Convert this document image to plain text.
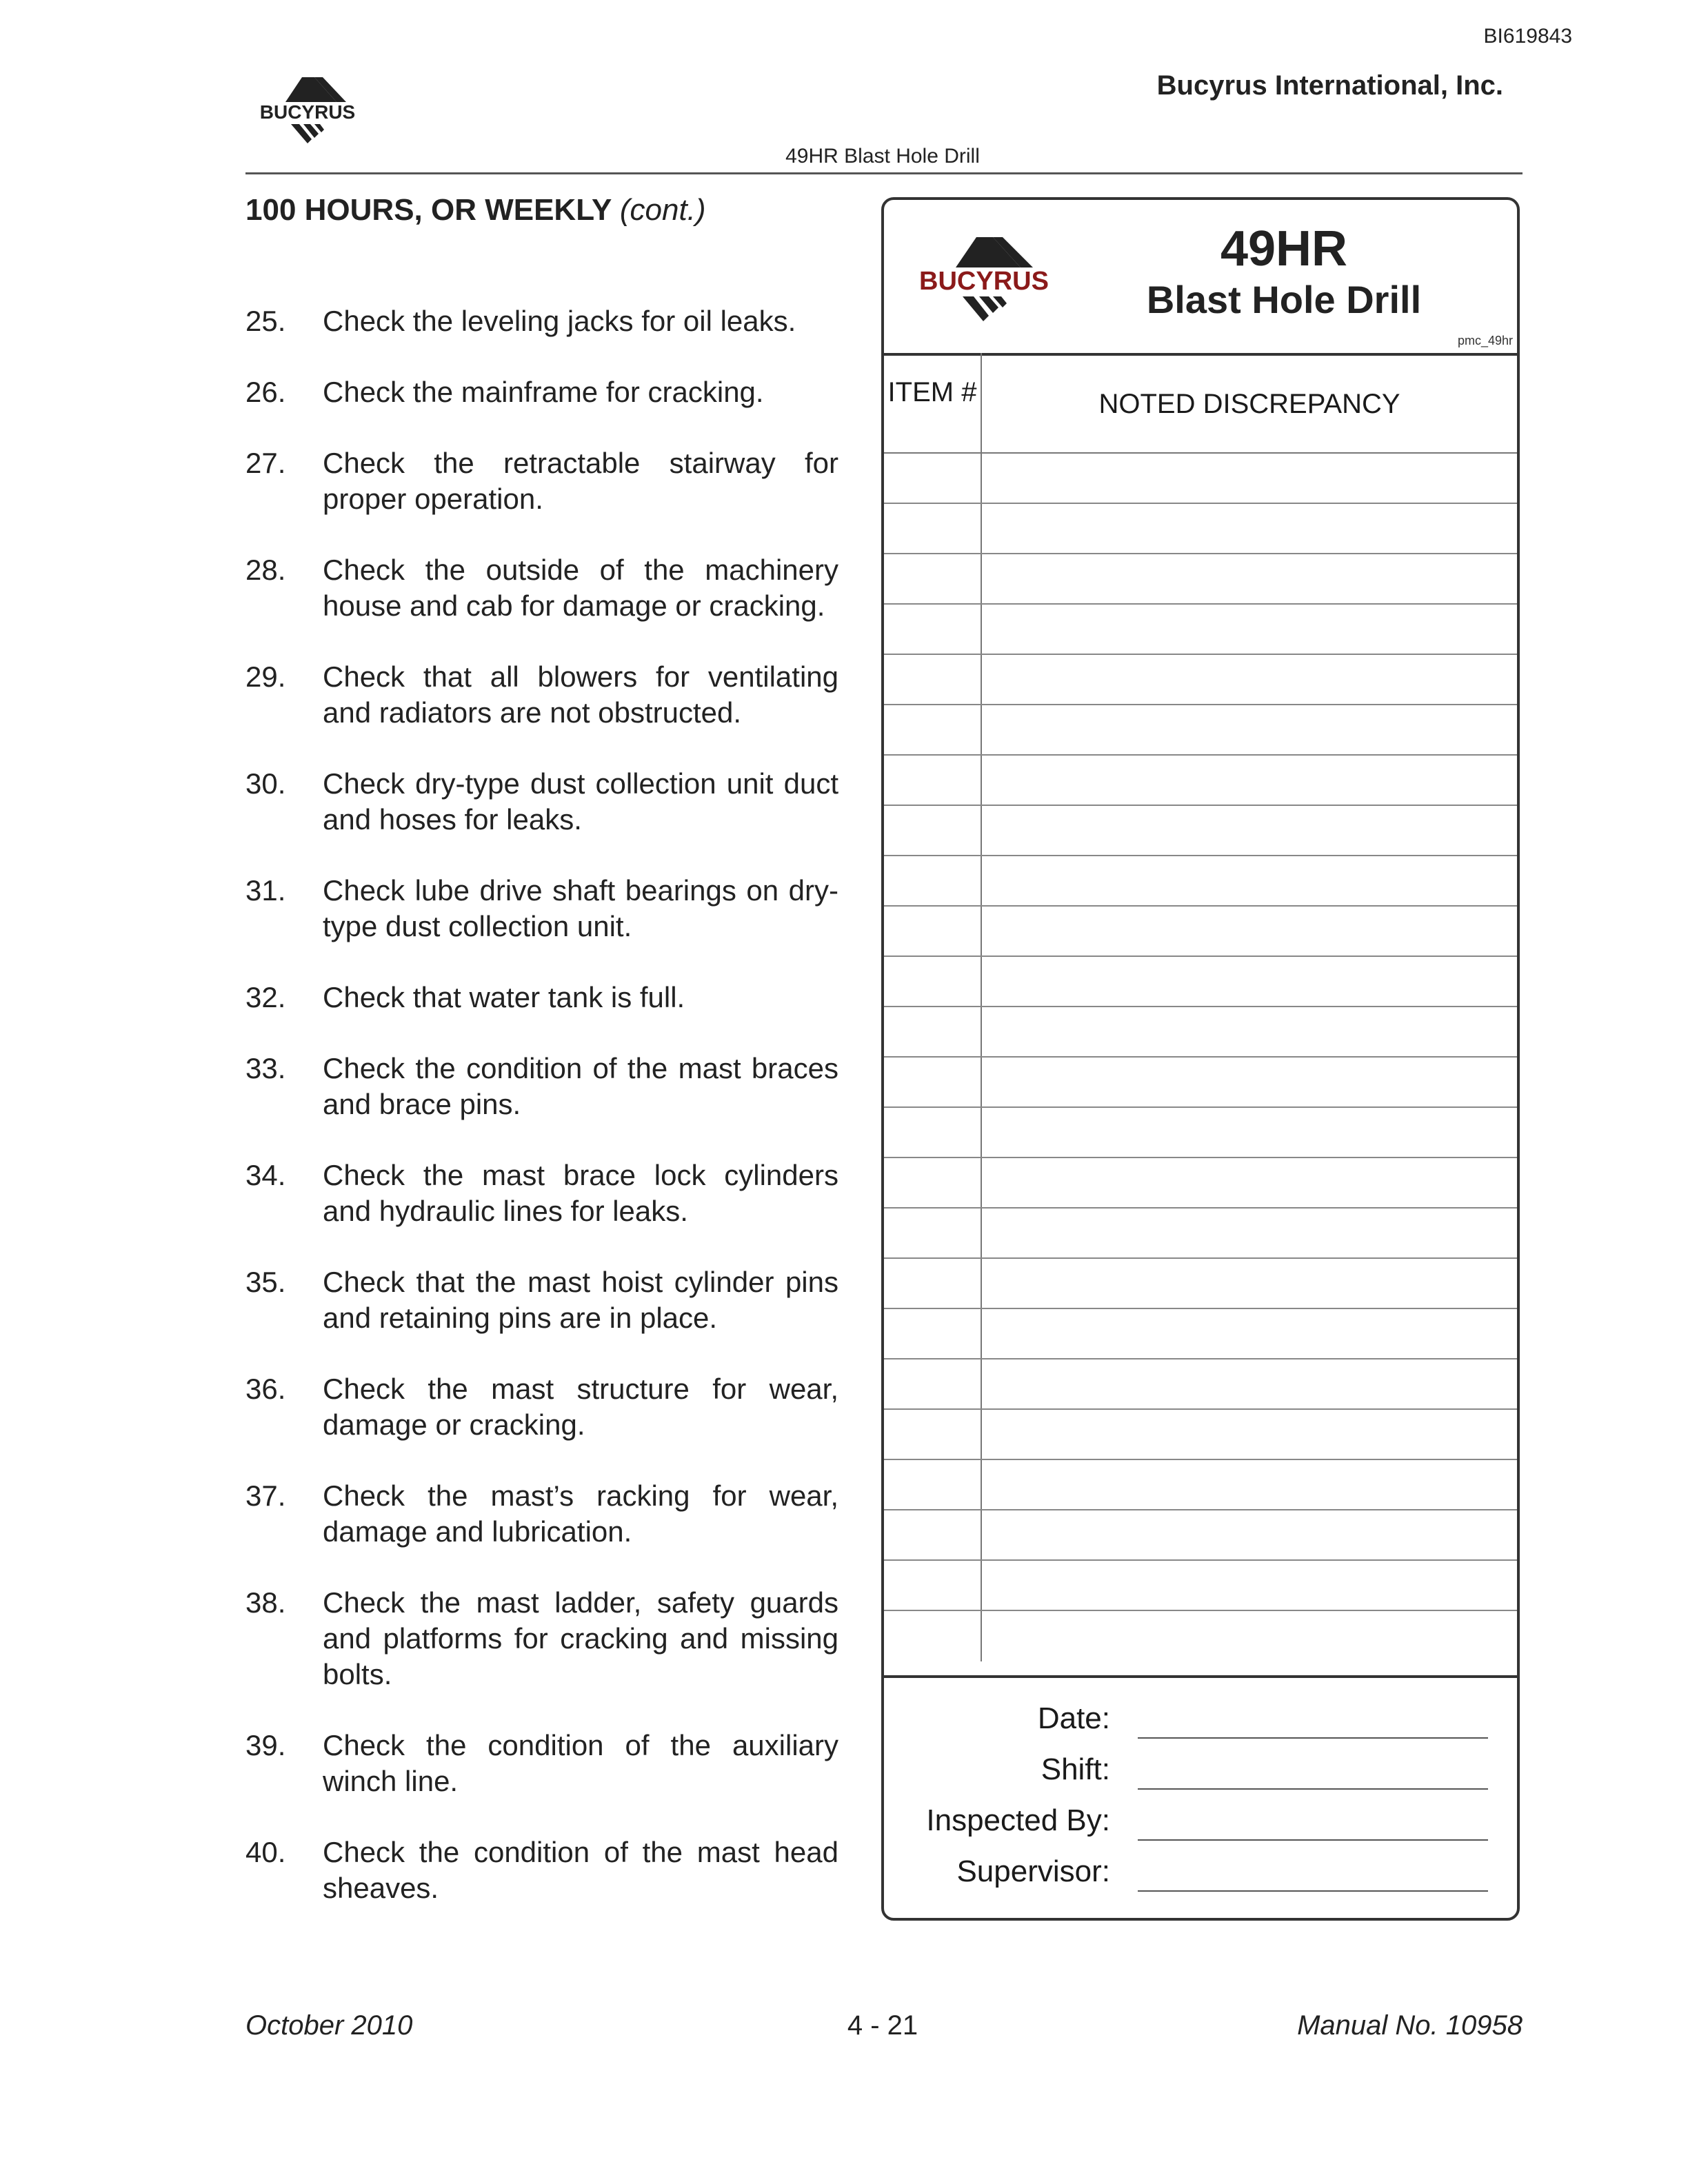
BI619843
Bucyrus International, Inc.
BUCYRUS
49HR Blast Hole Drill
100 HOURS, OR WEEKLY (cont.)
25.	Check the leveling jacks for oil leaks.
26.	Check the mainframe for cracking.
27.	Check the retractable stairway for proper operation.
28.	Check the outside of the machinery house and cab for damage or cracking.
29.	Check that all blowers for ventilating and radiators are not obstructed.
30.	Check dry-type dust collection unit duct and hoses for leaks.
31.	Check lube drive shaft bearings on dry-type dust collection unit.
32.	Check that water tank is full.
33.	Check the condition of the mast braces and brace pins.
34.	Check the mast brace lock cylinders and hydraulic lines for leaks.
35.	Check that the mast hoist cylinder pins and retaining pins are in place.
36.	Check the mast structure for wear, damage or cracking.
37.	Check the mast’s racking for wear, damage and lubrication.
38.	Check the mast ladder, safety guards and platforms for cracking and missing bolts.
39.	Check the condition of the auxiliary winch line.
40.	Check the condition of the mast head sheaves.
BUCYRUS
49HR
Blast Hole Drill
pmc_49hr
ITEM #	NOTED DISCREPANCY
Date:
Shift:
Inspected By:
Supervisor:
October 2010	4 - 21	Manual No. 10958
